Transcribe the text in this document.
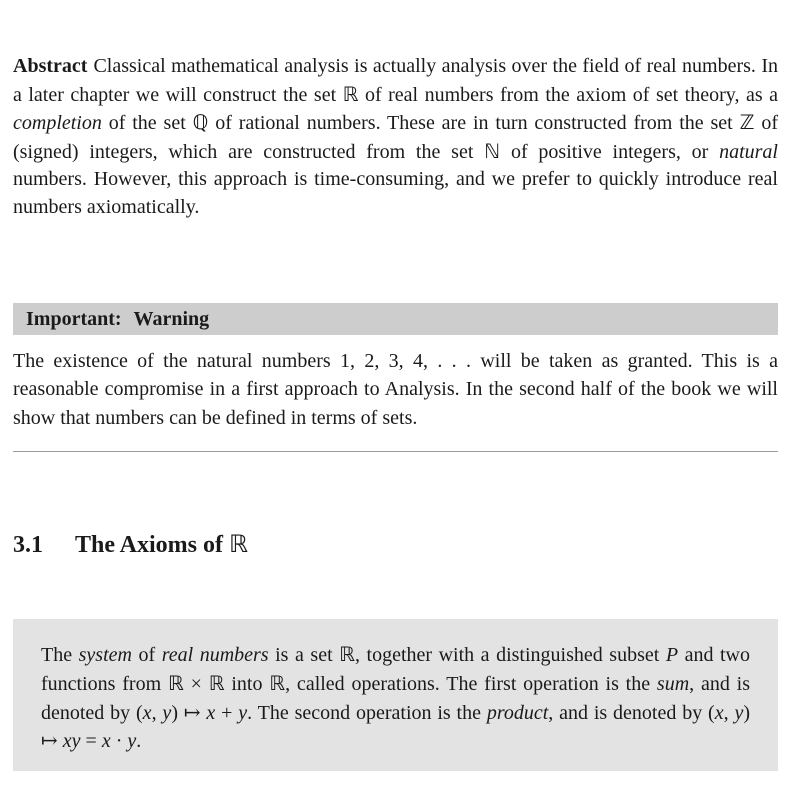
Abstract Classical mathematical analysis is actually analysis over the field of real numbers. In a later chapter we will construct the set ℝ of real numbers from the axiom of set theory, as a completion of the set ℚ of rational numbers. These are in turn constructed from the set ℤ of (signed) integers, which are constructed from the set ℕ of positive integers, or natural numbers. However, this approach is time-consuming, and we prefer to quickly introduce real numbers axiomatically.

Important: Warning

The existence of the natural numbers 1, 2, 3, 4, . . . will be taken as granted. This is a reasonable compromise in a first approach to Analysis. In the second half of the book we will show that numbers can be defined in terms of sets.

3.1 The Axioms of ℝ

The system of real numbers is a set ℝ, together with a distinguished subset P and two functions from ℝ × ℝ into ℝ, called operations. The first operation is the sum, and is denoted by (x, y) ↦ x + y. The second operation is the product, and is denoted by (x, y) ↦ xy = x · y.
